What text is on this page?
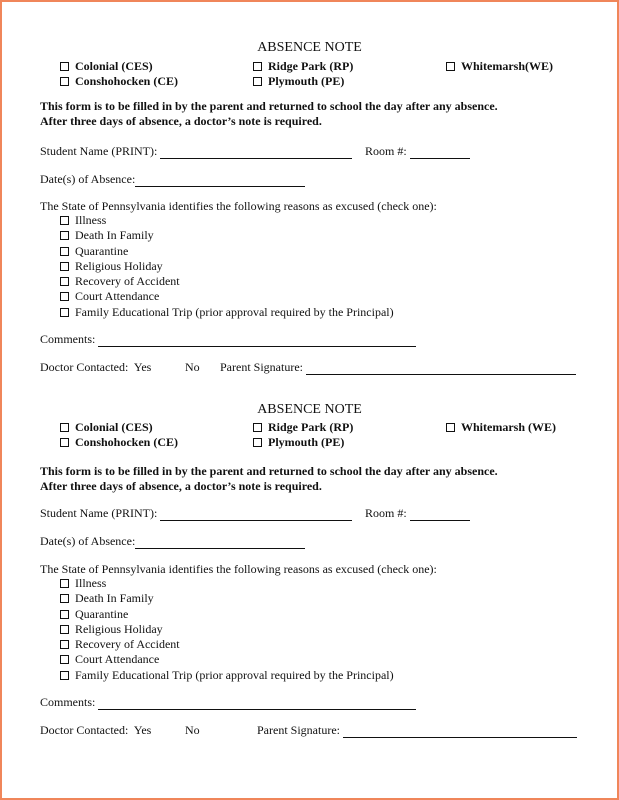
ABSENCE NOTE
Colonial (CES)
Conshohocken (CE)
Ridge Park (RP)
Plymouth (PE)
Whitemarsh(WE)
This form is to be filled in by the parent and returned to school the day after any absence.
After three days of absence, a doctor’s note is required.
Student Name (PRINT):	Room #:
Date(s) of Absence:
The State of Pennsylvania identifies the following reasons as excused (check one):
Illness
Death In Family
Quarantine
Religious Holiday
Recovery of Accident
Court Attendance
Family Educational Trip (prior approval required by the Principal)
Comments:
Doctor Contacted: Yes	No Parent Signature:
ABSENCE NOTE
Colonial (CES)
Conshohocken (CE)
Ridge Park (RP)
Plymouth (PE)
Whitemarsh (WE)
This form is to be filled in by the parent and returned to school the day after any absence.
After three days of absence, a doctor’s note is required.
Student Name (PRINT):	Room #:
Date(s) of Absence:
The State of Pennsylvania identifies the following reasons as excused (check one):
Illness
Death In Family
Quarantine
Religious Holiday
Recovery of Accident
Court Attendance
Family Educational Trip (prior approval required by the Principal)
Comments:
Doctor Contacted: Yes	No	Parent Signature:
